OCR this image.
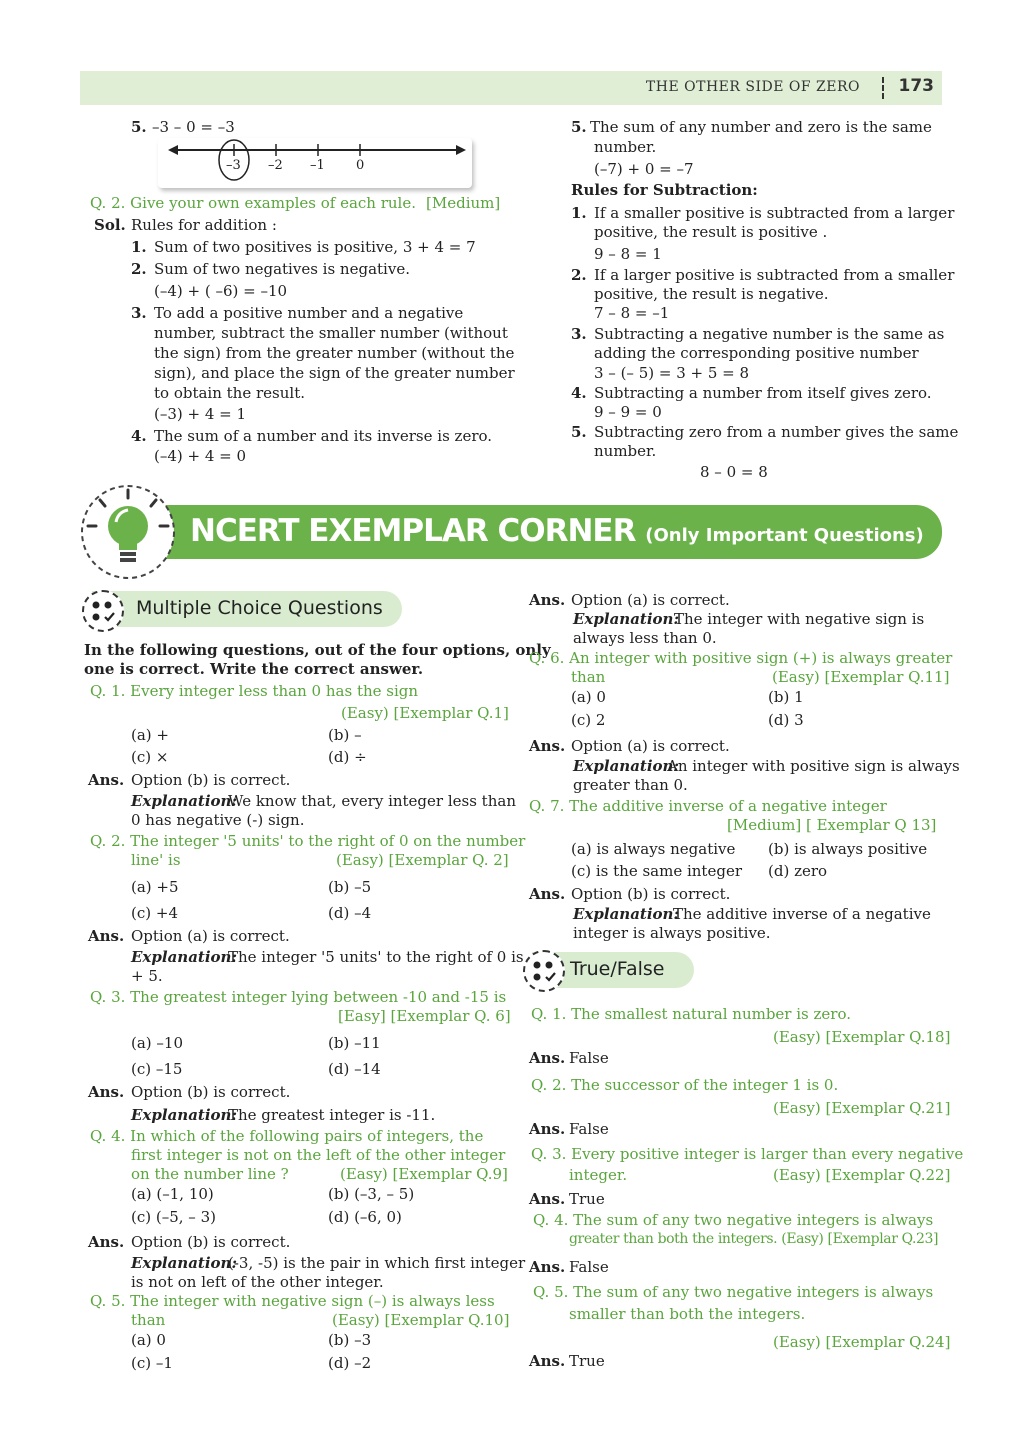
THE OTHER SIDE OF ZERO 173
5. –3 – 0 = –3
–3 –2 –1 0
Q. 2. Give your own examples of each rule. [Medium]
Sol. Rules for addition :
1. Sum of two positives is positive, 3 + 4 = 7
2. Sum of two negatives is negative.
(–4) + ( –6) = –10
3. To add a positive number and a negative
number, subtract the smaller number (without
the sign) from the greater number (without the
sign), and place the sign of the greater number
to obtain the result.
(–3) + 4 = 1
4. The sum of a number and its inverse is zero.
(–4) + 4 = 0
5. The sum of any number and zero is the same
number.
(–7) + 0 = –7
Rules for Subtraction:
1. If a smaller positive is subtracted from a larger
positive, the result is positive .
9 – 8 = 1
2. If a larger positive is subtracted from a smaller
positive, the result is negative.
7 – 8 = –1
3. Subtracting a negative number is the same as
adding the corresponding positive number
3 – (– 5) = 3 + 5 = 8
4. Subtracting a number from itself gives zero.
9 – 9 = 0
5. Subtracting zero from a number gives the same
number.
8 – 0 = 8
NCERT EXEMPLAR CORNER (Only Important Questions)
Multiple Choice Questions
In the following questions, out of the four options, only
one is correct. Write the correct answer.
Q. 1. Every integer less than 0 has the sign
(Easy) [Exemplar Q.1]
(a) +	(b) –
(c) ×	(d) ÷
Ans. Option (b) is correct.
Explanation:
We know that, every integer less than
0 has negative (-) sign.
Q. 2. The integer '5 units' to the right of 0 on the number
line' is	(Easy) [Exemplar Q. 2]
(a) +5	(b) –5
(c) +4	(d) –4
Ans. Option (a) is correct.
Explanation:
The integer '5 units' to the right of 0 is
+ 5.
Q. 3. The greatest integer lying between -10 and -15 is
[Easy] [Exemplar Q. 6]
(a) –10	(b) –11
(c) –15	(d) –14
Ans. Option (b) is correct.
Explanation:
The greatest integer is -11.
Q. 4. In which of the following pairs of integers, the
first integer is not on the left of the other integer
on the number line ?	(Easy) [Exemplar Q.9]
(a) (–1, 10)	(b) (–3, – 5)
(c) (–5, – 3)	(d) (–6, 0)
Ans. Option (b) is correct.
Explanation:
(-3, -5) is the pair in which first integer
is not on left of the other integer.
Q. 5. The integer with negative sign (–) is always less
than	(Easy) [Exemplar Q.10]
(a) 0	(b) –3
(c) –1	(d) –2
Ans. Option (a) is correct.
Explanation:
The integer with negative sign is
always less than 0.
Q. 6. An integer with positive sign (+) is always greater
than	(Easy) [Exemplar Q.11]
(a) 0	(b) 1
(c) 2	(d) 3
Ans. Option (a) is correct.
Explanation:
An integer with positive sign is always
greater than 0.
Q. 7. The additive inverse of a negative integer
[Medium] [ Exemplar Q 13]
(a) is always negative (b) is always positive
(c) is the same integer (d) zero
Ans. Option (b) is correct.
Explanation:
The additive inverse of a negative
integer is always positive.
True/False
Q. 1. The smallest natural number is zero.
(Easy) [Exemplar Q.18]
Ans. False
Q. 2. The successor of the integer 1 is 0.
(Easy) [Exemplar Q.21]
Ans. False
Q. 3. Every positive integer is larger than every negative
integer.	(Easy) [Exemplar Q.22]
Ans. True
Q. 4. The sum of any two negative integers is always
greater than both the integers. (Easy) [Exemplar Q.23]
Ans. False
Q. 5. The sum of any two negative integers is always
smaller than both the integers.
(Easy) [Exemplar Q.24]
Ans. True
